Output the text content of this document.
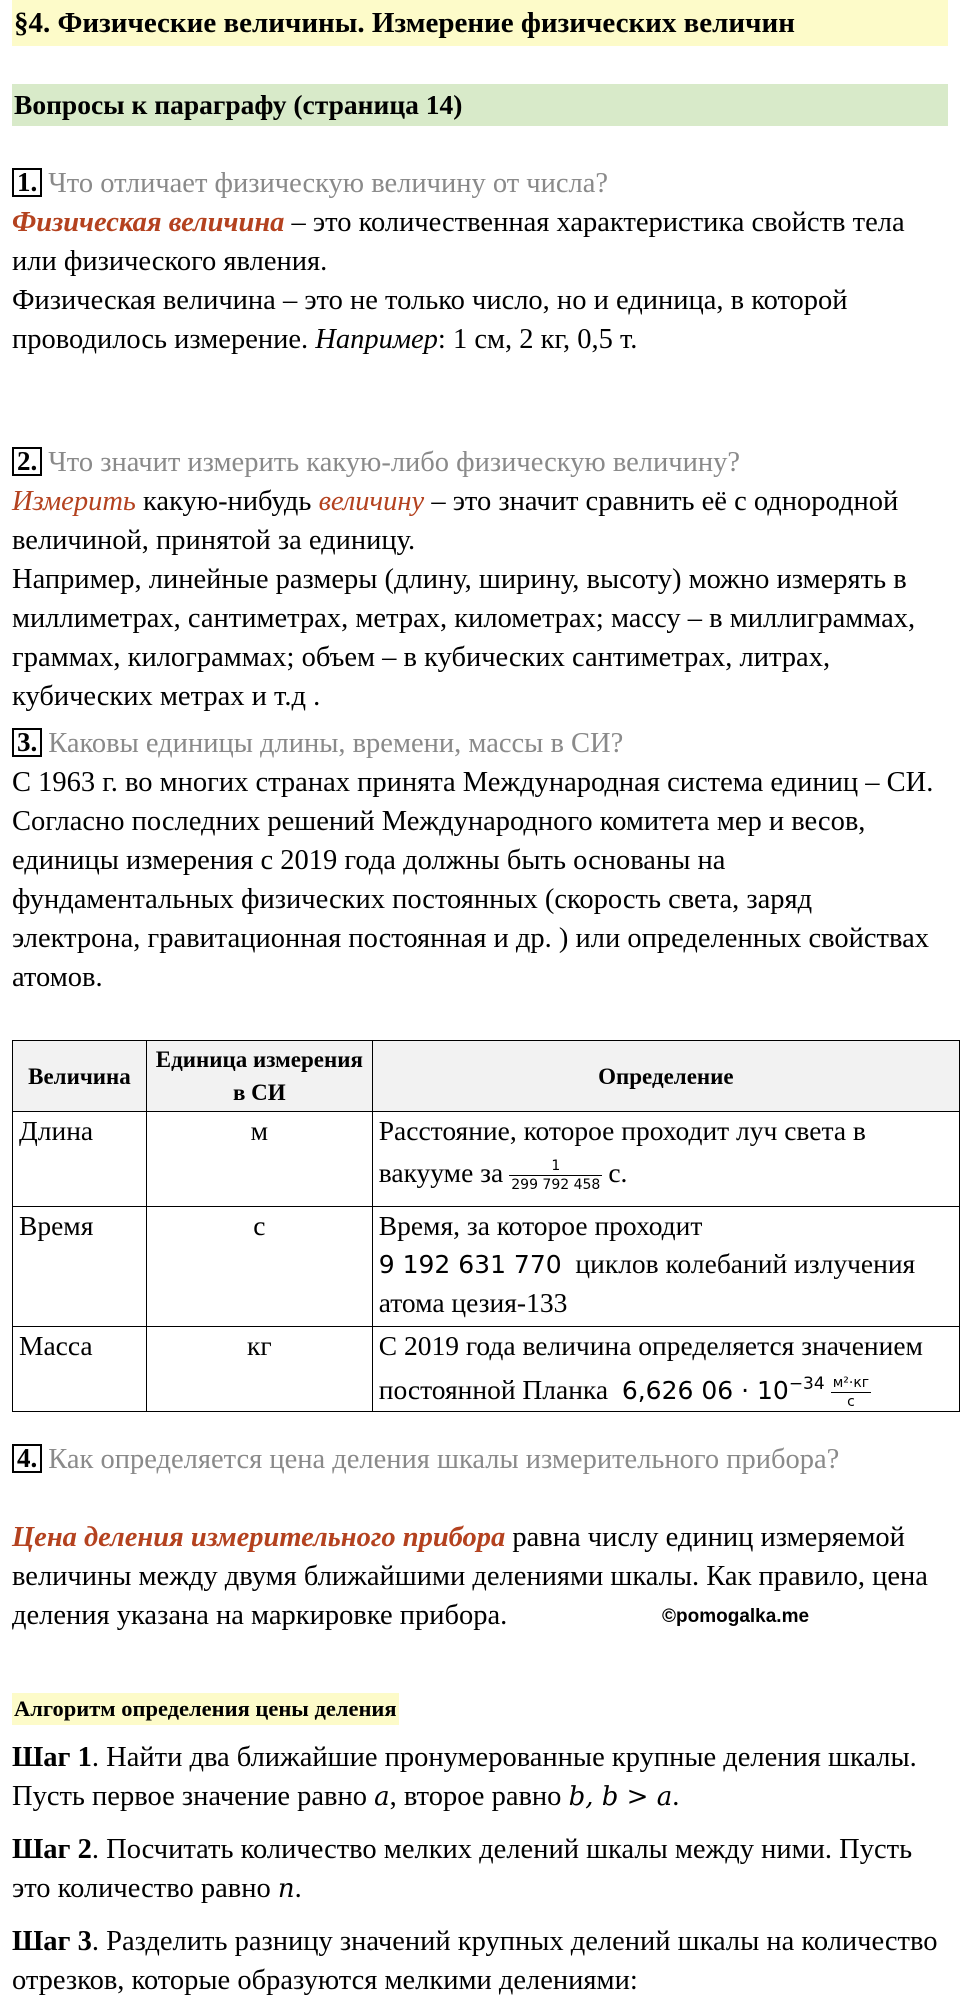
§4. Физические величины. Измерение физических величин
Вопросы к параграфу (страница 14)
1. Что отличает физическую величину от числа?
Физическая величина – это количественная характеристика свойств тела
или физического явления.
Физическая величина – это не только число, но и единица, в которой
проводилось измерение. Например: 1 см, 2 кг, 0,5 т.
2. Что значит измерить какую-либо физическую величину?
Измерить какую-нибудь величину – это значит сравнить её с однородной
величиной, принятой за единицу.
Например, линейные размеры (длину, ширину, высоту) можно измерять в
миллиметрах, сантиметрах, метрах, километрах; массу – в миллиграммах,
граммах, килограммах; объем – в кубических сантиметрах, литрах,
кубических метрах и т.д .
3. Каковы единицы длины, времени, массы в СИ?
С 1963 г. во многих странах принята Международная система единиц – СИ.
Согласно последних решений Международного комитета мер и весов,
единицы измерения с 2019 года должны быть основаны на
фундаментальных физических постоянных (скорость света, заряд
электрона, гравитационная постоянная и др. ) или определенных свойствах
атомов.
Величина	Единица измерения в СИ	Определение
Длина	м	Расстояние, которое проходит луч света в
вакууме за $\frac{1}{299 792 458} с$.

Время	с	Время, за которое проходит
9 192 631 770 циклов колебаний излучения
атома цезия-133

Масса	кг	С 2019 года величина определяется значением
постоянной Планка 6,626 $06 \cdot 10^{-34} \frac{\text{м²·кг}}{с}$
4. Как определяется цена деления шкалы измерительного прибора?
Цена деления измерительного прибора равна числу единиц измеряемой
величины между двумя ближайшими делениями шкалы. Как правило, цена
деления указана на маркировке прибора.	©pomogalka.me
Алгоритм определения цены деления
Шаг 1. Найти два ближайшие пронумерованные крупные деления шкалы.
Пусть первое значение равно a, второе равно b, b > a.
Шаг 2. Посчитать количество мелких делений шкалы между ними. Пусть
это количество равно n.
Шаг 3. Разделить разницу значений крупных делений шкалы на количество
отрезков, которые образуются мелкими делениями:
